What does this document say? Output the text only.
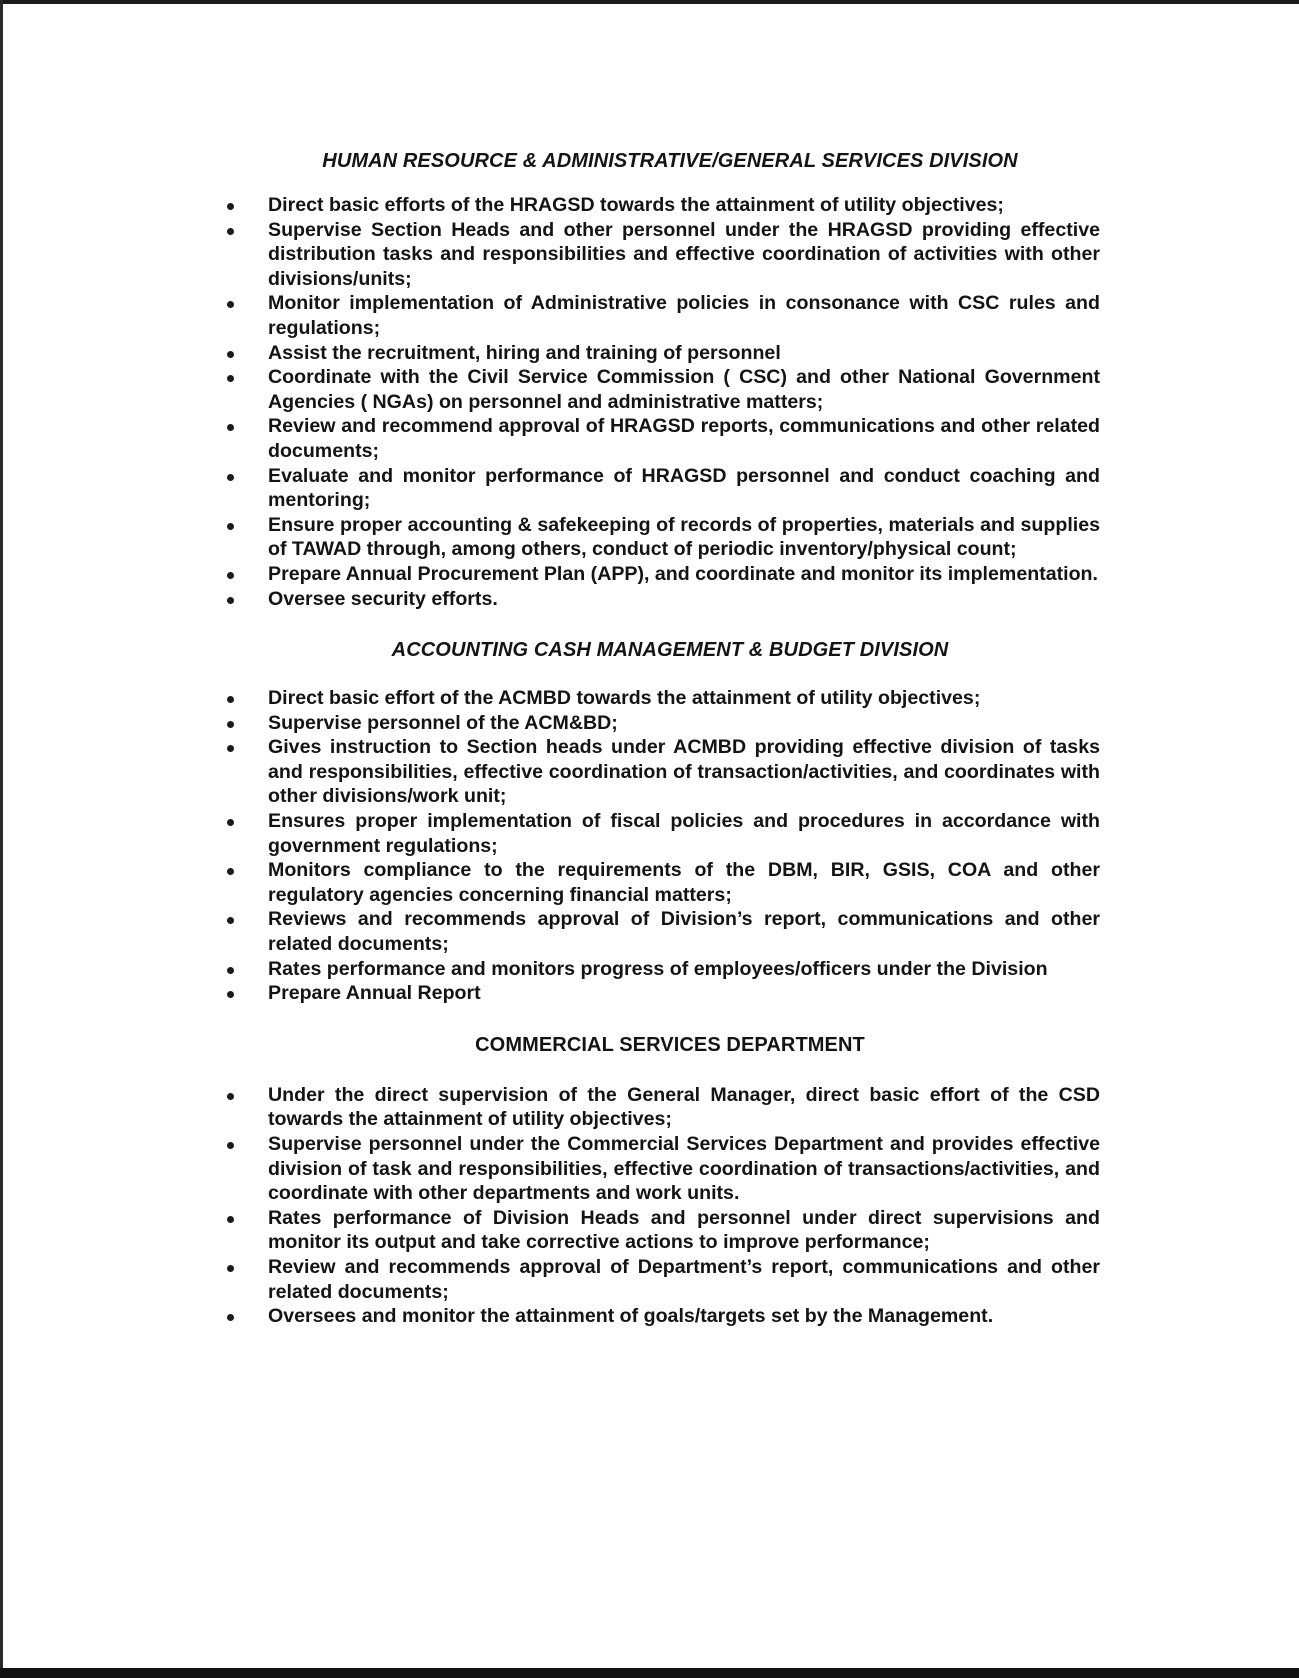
HUMAN RESOURCE & ADMINISTRATIVE/GENERAL SERVICES DIVISION
Direct basic efforts of the HRAGSD towards the attainment of utility objectives;
Supervise Section Heads and other personnel under the HRAGSD providing effective distribution tasks and responsibilities and effective coordination of activities with other divisions/units;
Monitor implementation of Administrative policies in consonance with CSC rules and regulations;
Assist the recruitment, hiring and training of personnel
Coordinate with the Civil Service Commission ( CSC) and other National Government Agencies ( NGAs) on personnel and administrative matters;
Review and recommend approval of HRAGSD reports, communications and other related documents;
Evaluate and monitor performance of HRAGSD personnel and conduct coaching and mentoring;
Ensure proper accounting & safekeeping of records of properties, materials and supplies of TAWAD through, among others, conduct of periodic inventory/physical count;
Prepare Annual Procurement Plan (APP), and coordinate and monitor its implementation.
Oversee security efforts.
ACCOUNTING CASH MANAGEMENT & BUDGET DIVISION
Direct basic effort of the ACMBD towards the attainment of utility objectives;
Supervise personnel of the ACM&BD;
Gives instruction to Section heads under ACMBD providing effective division of tasks and responsibilities, effective coordination of transaction/activities, and coordinates with other divisions/work unit;
Ensures proper implementation of fiscal policies and procedures in accordance with government regulations;
Monitors compliance to the requirements of the DBM, BIR, GSIS, COA and other regulatory agencies concerning financial matters;
Reviews and recommends approval of Division’s report, communications and other related documents;
Rates performance and monitors progress of employees/officers under the Division
Prepare Annual Report
COMMERCIAL SERVICES DEPARTMENT
Under the direct supervision of the General Manager, direct basic effort of the CSD towards the attainment of utility objectives;
Supervise personnel under the Commercial Services Department and provides effective division of task and responsibilities, effective coordination of transactions/activities, and coordinate with other departments and work units.
Rates performance of Division Heads and personnel under direct supervisions and monitor its output and take corrective actions to improve performance;
Review and recommends approval of Department’s report, communications and other related documents;
Oversees and monitor the attainment of goals/targets set by the Management.
